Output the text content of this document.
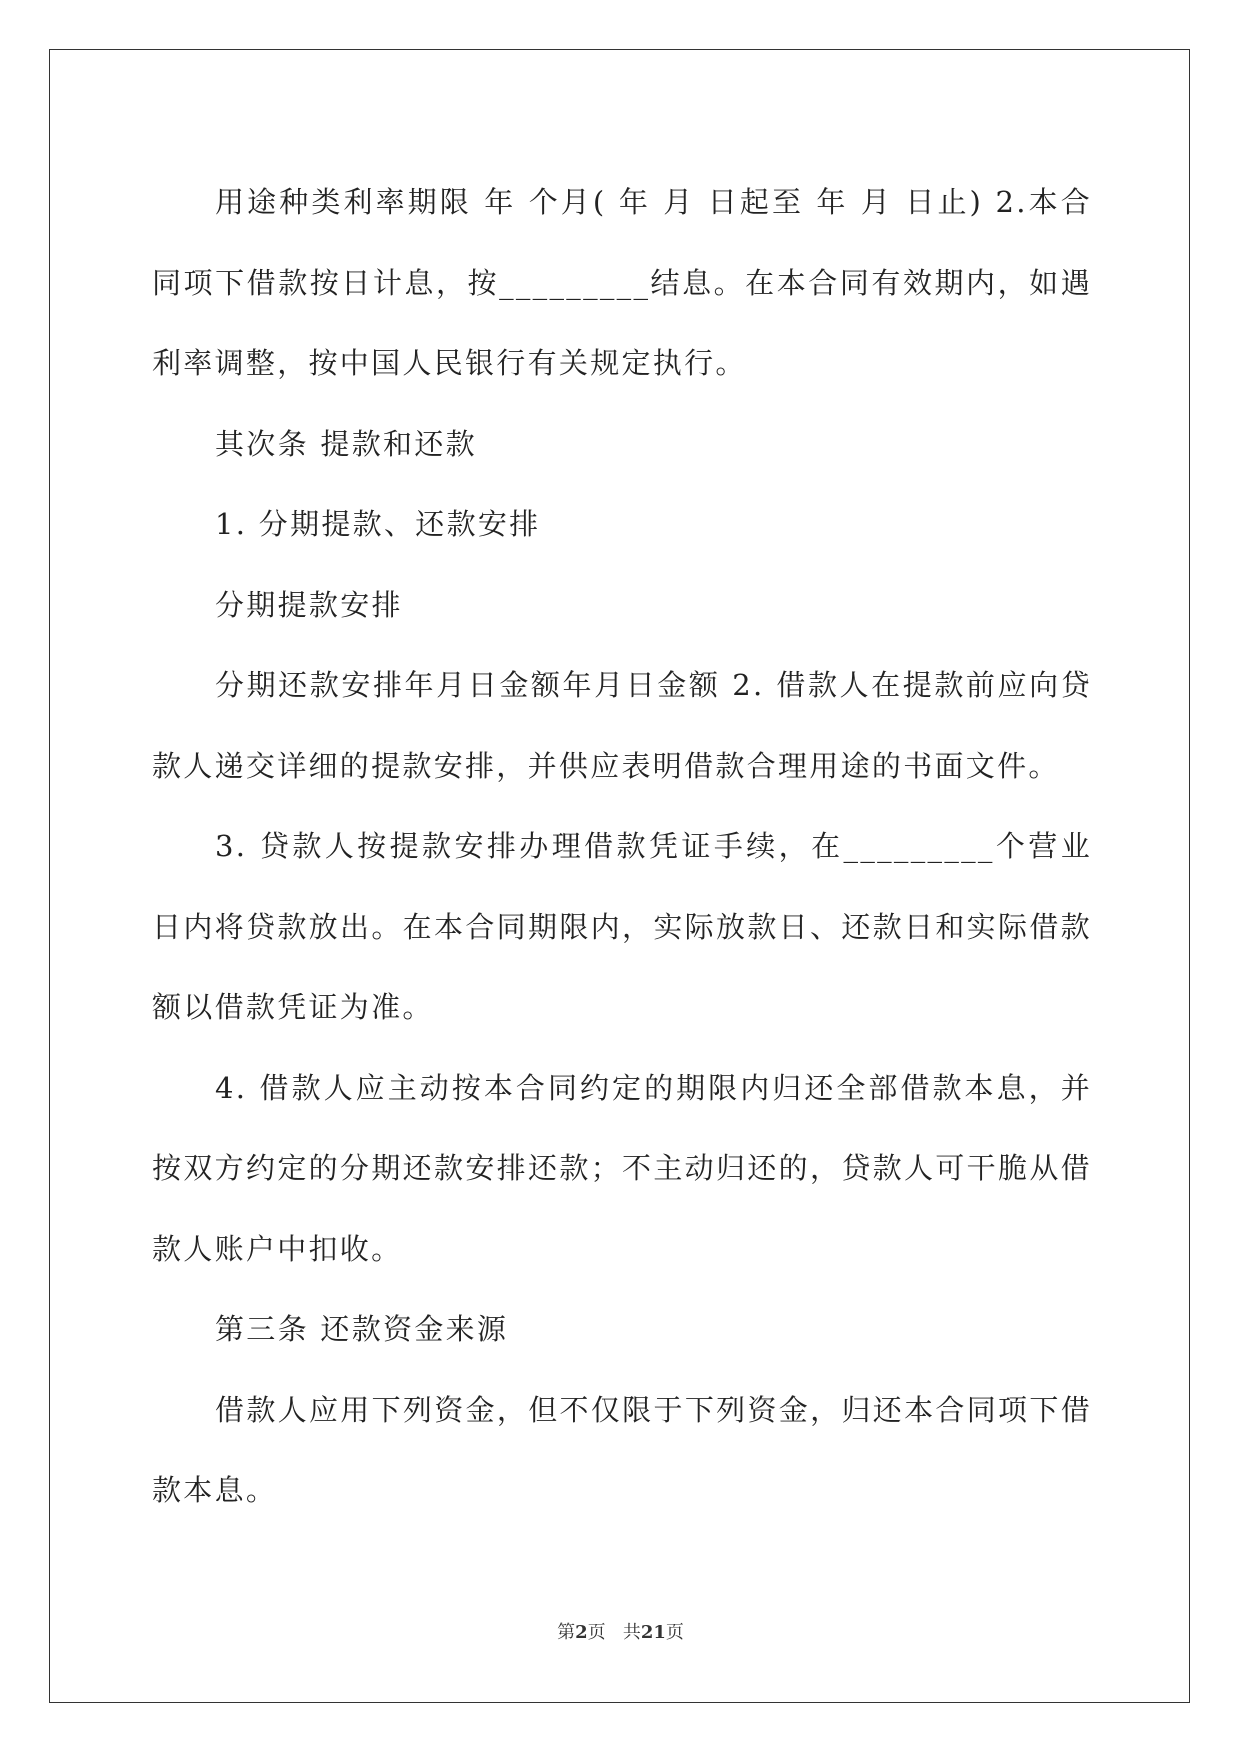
用途种类利率期限 年 个月( 年 月 日起至 年 月 日止) 2.本合同项下借款按日计息，按_________结息。在本合同有效期内，如遇利率调整，按中国人民银行有关规定执行。

其次条 提款和还款

1. 分期提款、还款安排

分期提款安排

分期还款安排年月日金额年月日金额 2. 借款人在提款前应向贷款人递交详细的提款安排，并供应表明借款合理用途的书面文件。

3. 贷款人按提款安排办理借款凭证手续，在_________个营业日内将贷款放出。在本合同期限内，实际放款日、还款日和实际借款额以借款凭证为准。

4. 借款人应主动按本合同约定的期限内归还全部借款本息，并按双方约定的分期还款安排还款；不主动归还的，贷款人可干脆从借款人账户中扣收。

第三条 还款资金来源

借款人应用下列资金，但不仅限于下列资金，归还本合同项下借款本息。

第2页 共21页
